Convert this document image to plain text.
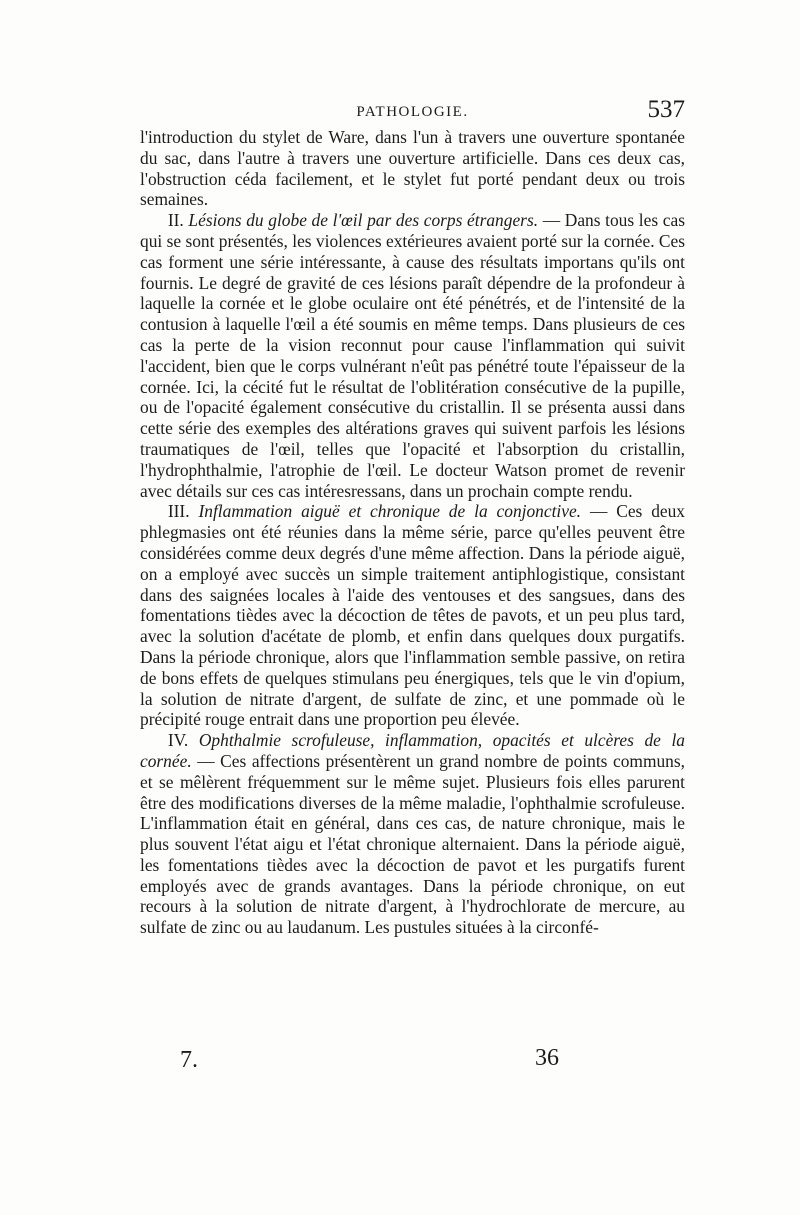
PATHOLOGIE.	537

l'introduction du stylet de Ware, dans l'un à travers une ouverture spontanée du sac, dans l'autre à travers une ouverture artificielle. Dans ces deux cas, l'obstruction céda facilement, et le stylet fut porté pendant deux ou trois semaines.

II. Lésions du globe de l'œil par des corps étrangers. — Dans tous les cas qui se sont présentés, les violences extérieures avaient porté sur la cornée. Ces cas forment une série intéressante, à cause des résultats importans qu'ils ont fournis. Le degré de gravité de ces lésions paraît dépendre de la profondeur à laquelle la cornée et le globe oculaire ont été pénétrés, et de l'intensité de la contusion à laquelle l'œil a été soumis en même temps. Dans plusieurs de ces cas la perte de la vision reconnut pour cause l'inflammation qui suivit l'accident, bien que le corps vulnérant n'eût pas pénétré toute l'épaisseur de la cornée. Ici, la cécité fut le résultat de l'oblitération consécutive de la pupille, ou de l'opacité également consécutive du cristallin. Il se présenta aussi dans cette série des exemples des altérations graves qui suivent parfois les lésions traumatiques de l'œil, telles que l'opacité et l'absorption du cristallin, l'hydrophthalmie, l'atrophie de l'œil. Le docteur Watson promet de revenir avec détails sur ces cas intéresressans, dans un prochain compte rendu.

III. Inflammation aiguë et chronique de la conjonctive. — Ces deux phlegmasies ont été réunies dans la même série, parce qu'elles peuvent être considérées comme deux degrés d'une même affection. Dans la période aiguë, on a employé avec succès un simple traitement antiphlogistique, consistant dans des saignées locales à l'aide des ventouses et des sangsues, dans des fomentations tièdes avec la décoction de têtes de pavots, et un peu plus tard, avec la solution d'acétate de plomb, et enfin dans quelques doux purgatifs. Dans la période chronique, alors que l'inflammation semble passive, on retira de bons effets de quelques stimulans peu énergiques, tels que le vin d'opium, la solution de nitrate d'argent, de sulfate de zinc, et une pommade où le précipité rouge entrait dans une proportion peu élevée.

IV. Ophthalmie scrofuleuse, inflammation, opacités et ulcères de la cornée. — Ces affections présentèrent un grand nombre de points communs, et se mêlèrent fréquemment sur le même sujet. Plusieurs fois elles parurent être des modifications diverses de la même maladie, l'ophthalmie scrofuleuse. L'inflammation était en général, dans ces cas, de nature chronique, mais le plus souvent l'état aigu et l'état chronique alternaient. Dans la période aiguë, les fomentations tièdes avec la décoction de pavot et les purgatifs furent employés avec de grands avantages. Dans la période chronique, on eut recours à la solution de nitrate d'argent, à l'hydrochlorate de mercure, au sulfate de zinc ou au laudanum. Les pustules situées à la circonfé-

7.	36
